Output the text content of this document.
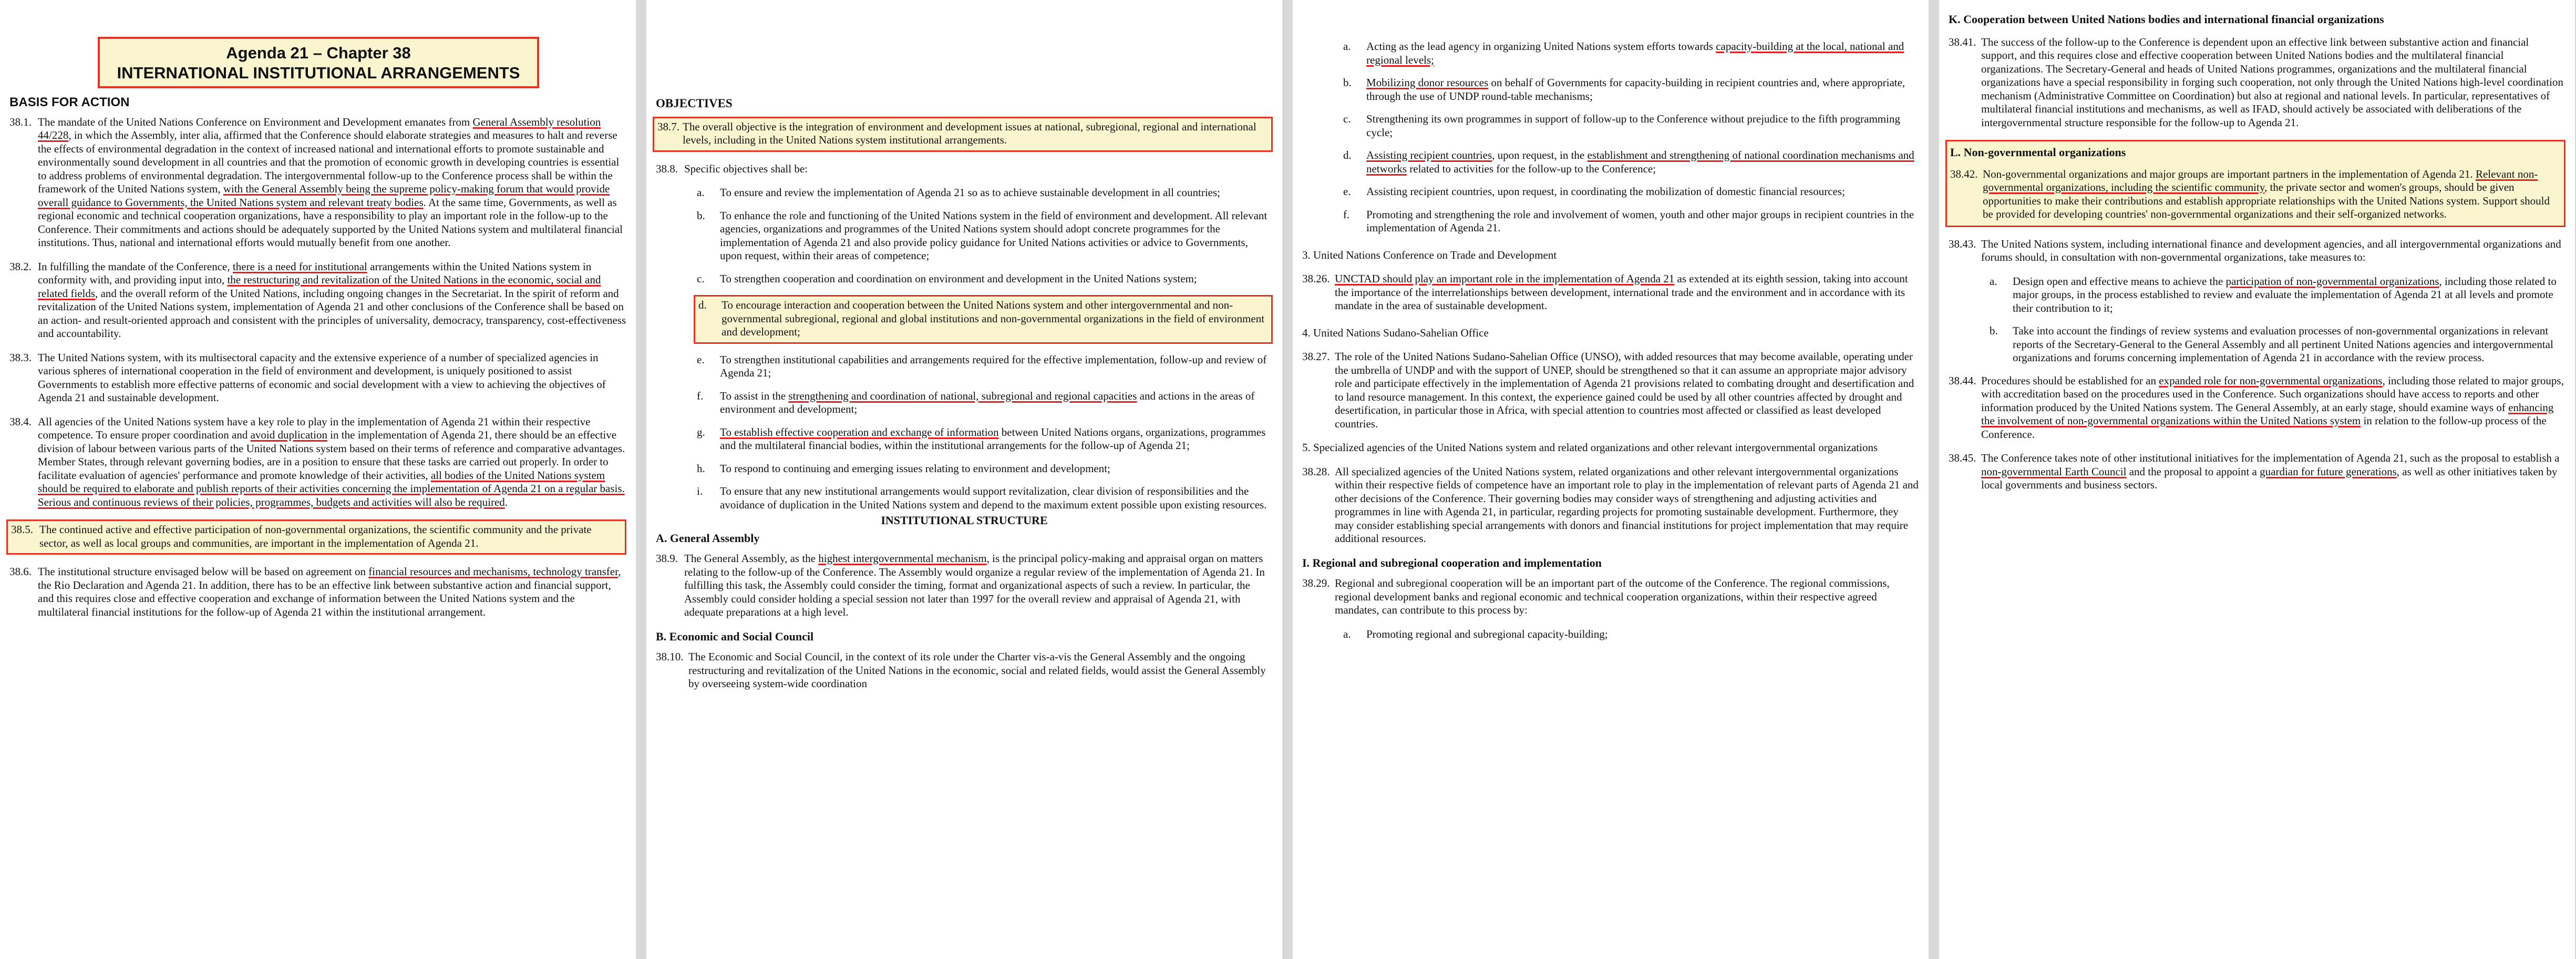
Agenda 21 – Chapter 38
INTERNATIONAL INSTITUTIONAL ARRANGEMENTS
BASIS FOR ACTION
38.1. The mandate of the United Nations Conference on Environment and Development emanates from General Assembly resolution 44/228, in which the Assembly, inter alia, affirmed that the Conference should elaborate strategies and measures to halt and reverse the effects of environmental degradation in the context of increased national and international efforts to promote sustainable and environmentally sound development in all countries and that the promotion of economic growth in developing countries is essential to address problems of environmental degradation. The intergovernmental follow-up to the Conference process shall be within the framework of the United Nations system, with the General Assembly being the supreme policy-making forum that would provide overall guidance to Governments, the United Nations system and relevant treaty bodies. At the same time, Governments, as well as regional economic and technical cooperation organizations, have a responsibility to play an important role in the follow-up to the Conference. Their commitments and actions should be adequately supported by the United Nations system and multilateral financial institutions. Thus, national and international efforts would mutually benefit from one another.
38.2. In fulfilling the mandate of the Conference, there is a need for institutional arrangements within the United Nations system in conformity with, and providing input into, the restructuring and revitalization of the United Nations in the economic, social and related fields, and the overall reform of the United Nations, including ongoing changes in the Secretariat. In the spirit of reform and revitalization of the United Nations system, implementation of Agenda 21 and other conclusions of the Conference shall be based on an action- and result-oriented approach and consistent with the principles of universality, democracy, transparency, cost-effectiveness and accountability.
38.3. The United Nations system, with its multisectoral capacity and the extensive experience of a number of specialized agencies in various spheres of international cooperation in the field of environment and development, is uniquely positioned to assist Governments to establish more effective patterns of economic and social development with a view to achieving the objectives of Agenda 21 and sustainable development.
38.4. All agencies of the United Nations system have a key role to play in the implementation of Agenda 21 within their respective competence. To ensure proper coordination and avoid duplication in the implementation of Agenda 21, there should be an effective division of labour between various parts of the United Nations system based on their terms of reference and comparative advantages. Member States, through relevant governing bodies, are in a position to ensure that these tasks are carried out properly. In order to facilitate evaluation of agencies' performance and promote knowledge of their activities, all bodies of the United Nations system should be required to elaborate and publish reports of their activities concerning the implementation of Agenda 21 on a regular basis. Serious and continuous reviews of their policies, programmes, budgets and activities will also be required.
38.5. The continued active and effective participation of non-governmental organizations, the scientific community and the private sector, as well as local groups and communities, are important in the implementation of Agenda 21.
38.6. The institutional structure envisaged below will be based on agreement on financial resources and mechanisms, technology transfer, the Rio Declaration and Agenda 21. In addition, there has to be an effective link between substantive action and financial support, and this requires close and effective cooperation and exchange of information between the United Nations system and the multilateral financial institutions for the follow-up of Agenda 21 within the institutional arrangement.
OBJECTIVES
38.7. The overall objective is the integration of environment and development issues at national, subregional, regional and international levels, including in the United Nations system institutional arrangements.
38.8. Specific objectives shall be:
a.	To ensure and review the implementation of Agenda 21 so as to achieve sustainable development in all countries;
b.	To enhance the role and functioning of the United Nations system in the field of environment and development. All relevant agencies, organizations and programmes of the United Nations system should adopt concrete programmes for the implementation of Agenda 21 and also provide policy guidance for United Nations activities or advice to Governments, upon request, within their areas of competence;
c.	To strengthen cooperation and coordination on environment and development in the United Nations system;
d.	To encourage interaction and cooperation between the United Nations system and other intergovernmental and non-governmental subregional, regional and global institutions and non-governmental organizations in the field of environment and development;
e.	To strengthen institutional capabilities and arrangements required for the effective implementation, follow-up and review of Agenda 21;
f.	To assist in the strengthening and coordination of national, subregional and regional capacities and actions in the areas of environment and development;
g.	To establish effective cooperation and exchange of information between United Nations organs, organizations, programmes and the multilateral financial bodies, within the institutional arrangements for the follow-up of Agenda 21;
h.	To respond to continuing and emerging issues relating to environment and development;
i.	To ensure that any new institutional arrangements would support revitalization, clear division of responsibilities and the avoidance of duplication in the United Nations system and depend to the maximum extent possible upon existing resources.
INSTITUTIONAL STRUCTURE
A. General Assembly
38.9. The General Assembly, as the highest intergovernmental mechanism, is the principal policy-making and appraisal organ on matters relating to the follow-up of the Conference. The Assembly would organize a regular review of the implementation of Agenda 21. In fulfilling this task, the Assembly could consider the timing, format and organizational aspects of such a review. In particular, the Assembly could consider holding a special session not later than 1997 for the overall review and appraisal of Agenda 21, with adequate preparations at a high level.
B. Economic and Social Council
38.10. The Economic and Social Council, in the context of its role under the Charter vis-a-vis the General Assembly and the ongoing restructuring and revitalization of the United Nations in the economic, social and related fields, would assist the General Assembly by overseeing system-wide coordination
a.	Acting as the lead agency in organizing United Nations system efforts towards capacity-building at the local, national and regional levels;
b.	Mobilizing donor resources on behalf of Governments for capacity-building in recipient countries and, where appropriate, through the use of UNDP round-table mechanisms;
c.	Strengthening its own programmes in support of follow-up to the Conference without prejudice to the fifth programming cycle;
d.	Assisting recipient countries, upon request, in the establishment and strengthening of national coordination mechanisms and networks related to activities for the follow-up to the Conference;
e.	Assisting recipient countries, upon request, in coordinating the mobilization of domestic financial resources;
f.	Promoting and strengthening the role and involvement of women, youth and other major groups in recipient countries in the implementation of Agenda 21.
3. United Nations Conference on Trade and Development
38.26. UNCTAD should play an important role in the implementation of Agenda 21 as extended at its eighth session, taking into account the importance of the interrelationships between development, international trade and the environment and in accordance with its mandate in the area of sustainable development.
4. United Nations Sudano-Sahelian Office
38.27. The role of the United Nations Sudano-Sahelian Office (UNSO), with added resources that may become available, operating under the umbrella of UNDP and with the support of UNEP, should be strengthened so that it can assume an appropriate major advisory role and participate effectively in the implementation of Agenda 21 provisions related to combating drought and desertification and to land resource management. In this context, the experience gained could be used by all other countries affected by drought and desertification, in particular those in Africa, with special attention to countries most affected or classified as least developed countries.
5. Specialized agencies of the United Nations system and related organizations and other relevant intergovernmental organizations
38.28. All specialized agencies of the United Nations system, related organizations and other relevant intergovernmental organizations within their respective fields of competence have an important role to play in the implementation of relevant parts of Agenda 21 and other decisions of the Conference. Their governing bodies may consider ways of strengthening and adjusting activities and programmes in line with Agenda 21, in particular, regarding projects for promoting sustainable development. Furthermore, they may consider establishing special arrangements with donors and financial institutions for project implementation that may require additional resources.
I. Regional and subregional cooperation and implementation
38.29. Regional and subregional cooperation will be an important part of the outcome of the Conference. The regional commissions, regional development banks and regional economic and technical cooperation organizations, within their respective agreed mandates, can contribute to this process by:
a.	Promoting regional and subregional capacity-building;
K. Cooperation between United Nations bodies and international financial organizations
38.41. The success of the follow-up to the Conference is dependent upon an effective link between substantive action and financial support, and this requires close and effective cooperation between United Nations bodies and the multilateral financial organizations. The Secretary-General and heads of United Nations programmes, organizations and the multilateral financial organizations have a special responsibility in forging such cooperation, not only through the United Nations high-level coordination mechanism (Administrative Committee on Coordination) but also at regional and national levels. In particular, representatives of multilateral financial institutions and mechanisms, as well as IFAD, should actively be associated with deliberations of the intergovernmental structure responsible for the follow-up to Agenda 21.
L. Non-governmental organizations
38.42. Non-governmental organizations and major groups are important partners in the implementation of Agenda 21. Relevant non-governmental organizations, including the scientific community, the private sector and women's groups, should be given opportunities to make their contributions and establish appropriate relationships with the United Nations system. Support should be provided for developing countries' non-governmental organizations and their self-organized networks.
38.43. The United Nations system, including international finance and development agencies, and all intergovernmental organizations and forums should, in consultation with non-governmental organizations, take measures to:
a.	Design open and effective means to achieve the participation of non-governmental organizations, including those related to major groups, in the process established to review and evaluate the implementation of Agenda 21 at all levels and promote their contribution to it;
b.	Take into account the findings of review systems and evaluation processes of non-governmental organizations in relevant reports of the Secretary-General to the General Assembly and all pertinent United Nations agencies and intergovernmental organizations and forums concerning implementation of Agenda 21 in accordance with the review process.
38.44. Procedures should be established for an expanded role for non-governmental organizations, including those related to major groups, with accreditation based on the procedures used in the Conference. Such organizations should have access to reports and other information produced by the United Nations system. The General Assembly, at an early stage, should examine ways of enhancing the involvement of non-governmental organizations within the United Nations system in relation to the follow-up process of the Conference.
38.45. The Conference takes note of other institutional initiatives for the implementation of Agenda 21, such as the proposal to establish a non-governmental Earth Council and the proposal to appoint a guardian for future generations, as well as other initiatives taken by local governments and business sectors.
